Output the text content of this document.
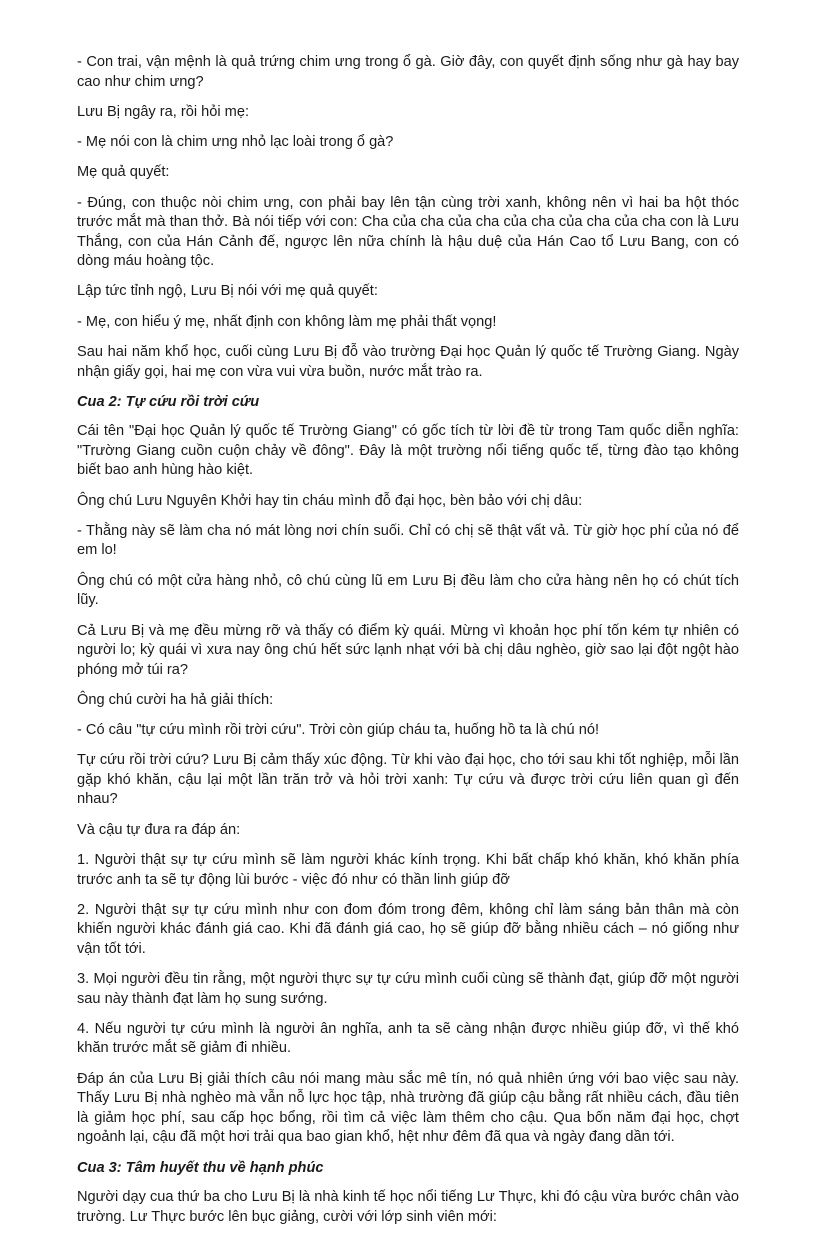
- Con trai, vận mệnh là quả trứng chim ưng trong ổ gà. Giờ đây, con quyết định sống như gà hay bay cao như chim ưng?

Lưu Bị ngây ra, rồi hỏi mẹ:

- Mẹ nói con là chim ưng nhỏ lạc loài trong ổ gà?

Mẹ quả quyết:

- Đúng, con thuộc nòi chim ưng, con phải bay lên tận cùng trời xanh, không nên vì hai ba hột thóc trước mắt mà than thở. Bà nói tiếp với con: Cha của cha của cha của cha của cha của cha con là Lưu Thắng, con của Hán Cảnh đế, ngược lên nữa chính là hậu duệ của Hán Cao tổ Lưu Bang, con có dòng máu hoàng tộc.

Lập tức tỉnh ngộ, Lưu Bị nói với mẹ quả quyết:

- Mẹ, con hiểu ý mẹ, nhất định con không làm mẹ phải thất vọng!

Sau hai năm khổ học, cuối cùng Lưu Bị đỗ vào trường Đại học Quản lý quốc tế Trường Giang. Ngày nhận giấy gọi, hai mẹ con vừa vui vừa buồn, nước mắt trào ra.

Cua 2: Tự cứu rồi trời cứu

Cái tên "Đại học Quản lý quốc tế Trường Giang" có gốc tích từ lời đề từ trong Tam quốc diễn nghĩa: "Trường Giang cuồn cuộn chảy về đông". Đây là một trường nổi tiếng quốc tế, từng đào tạo không biết bao anh hùng hào kiệt.

Ông chú Lưu Nguyên Khởi hay tin cháu mình đỗ đại học, bèn bảo với chị dâu:

- Thằng này sẽ làm cha nó mát lòng nơi chín suối. Chỉ có chị sẽ thật vất vả. Từ giờ học phí của nó để em lo!

Ông chú có một cửa hàng nhỏ, cô chú cùng lũ em Lưu Bị đều làm cho cửa hàng nên họ có chút tích lũy.

Cả Lưu Bị và mẹ đều mừng rỡ và thấy có điểm kỳ quái. Mừng vì khoản học phí tốn kém tự nhiên có người lo; kỳ quái vì xưa nay ông chú hết sức lạnh nhạt với bà chị dâu nghèo, giờ sao lại đột ngột hào phóng mở túi ra?

Ông chú cười ha hả giải thích:

- Có câu "tự cứu mình rồi trời cứu". Trời còn giúp cháu ta, huống hồ ta là chú nó!

Tự cứu rồi trời cứu? Lưu Bị cảm thấy xúc động. Từ khi vào đại học, cho tới sau khi tốt nghiệp, mỗi lần gặp khó khăn, cậu lại một lần trăn trở và hỏi trời xanh: Tự cứu và được trời cứu liên quan gì đến nhau?

Và cậu tự đưa ra đáp án:

1. Người thật sự tự cứu mình sẽ làm người khác kính trọng. Khi bất chấp khó khăn, khó khăn phía trước anh ta sẽ tự động lùi bước - việc đó như có thần linh giúp đỡ

2. Người thật sự tự cứu mình như con đom đóm trong đêm, không chỉ làm sáng bản thân mà còn khiến người khác đánh giá cao. Khi đã đánh giá cao, họ sẽ giúp đỡ bằng nhiều cách – nó giống như vận tốt tới.

3. Mọi người đều tin rằng, một người thực sự tự cứu mình cuối cùng sẽ thành đạt, giúp đỡ một người sau này thành đạt làm họ sung sướng.

4. Nếu người tự cứu mình là người ân nghĩa, anh ta sẽ càng nhận được nhiều giúp đỡ, vì thế khó khăn trước mắt sẽ giảm đi nhiều.

Đáp án của Lưu Bị giải thích câu nói mang màu sắc mê tín, nó quả nhiên ứng với bao việc sau này. Thấy Lưu Bị nhà nghèo mà vẫn nỗ lực học tập, nhà trường đã giúp cậu bằng rất nhiều cách, đầu tiên là giảm học phí, sau cấp học bổng, rồi tìm cả việc làm thêm cho cậu. Qua bốn năm đại học, chợt ngoảnh lại, cậu đã một hơi trải qua bao gian khổ, hệt như đêm đã qua và ngày đang dần tới.

Cua 3: Tâm huyết thu về hạnh phúc

Người dạy cua thứ ba cho Lưu Bị là nhà kinh tế học nổi tiếng Lư Thực, khi đó cậu vừa bước chân vào trường. Lư Thực bước lên bục giảng, cười với lớp sinh viên mới:
